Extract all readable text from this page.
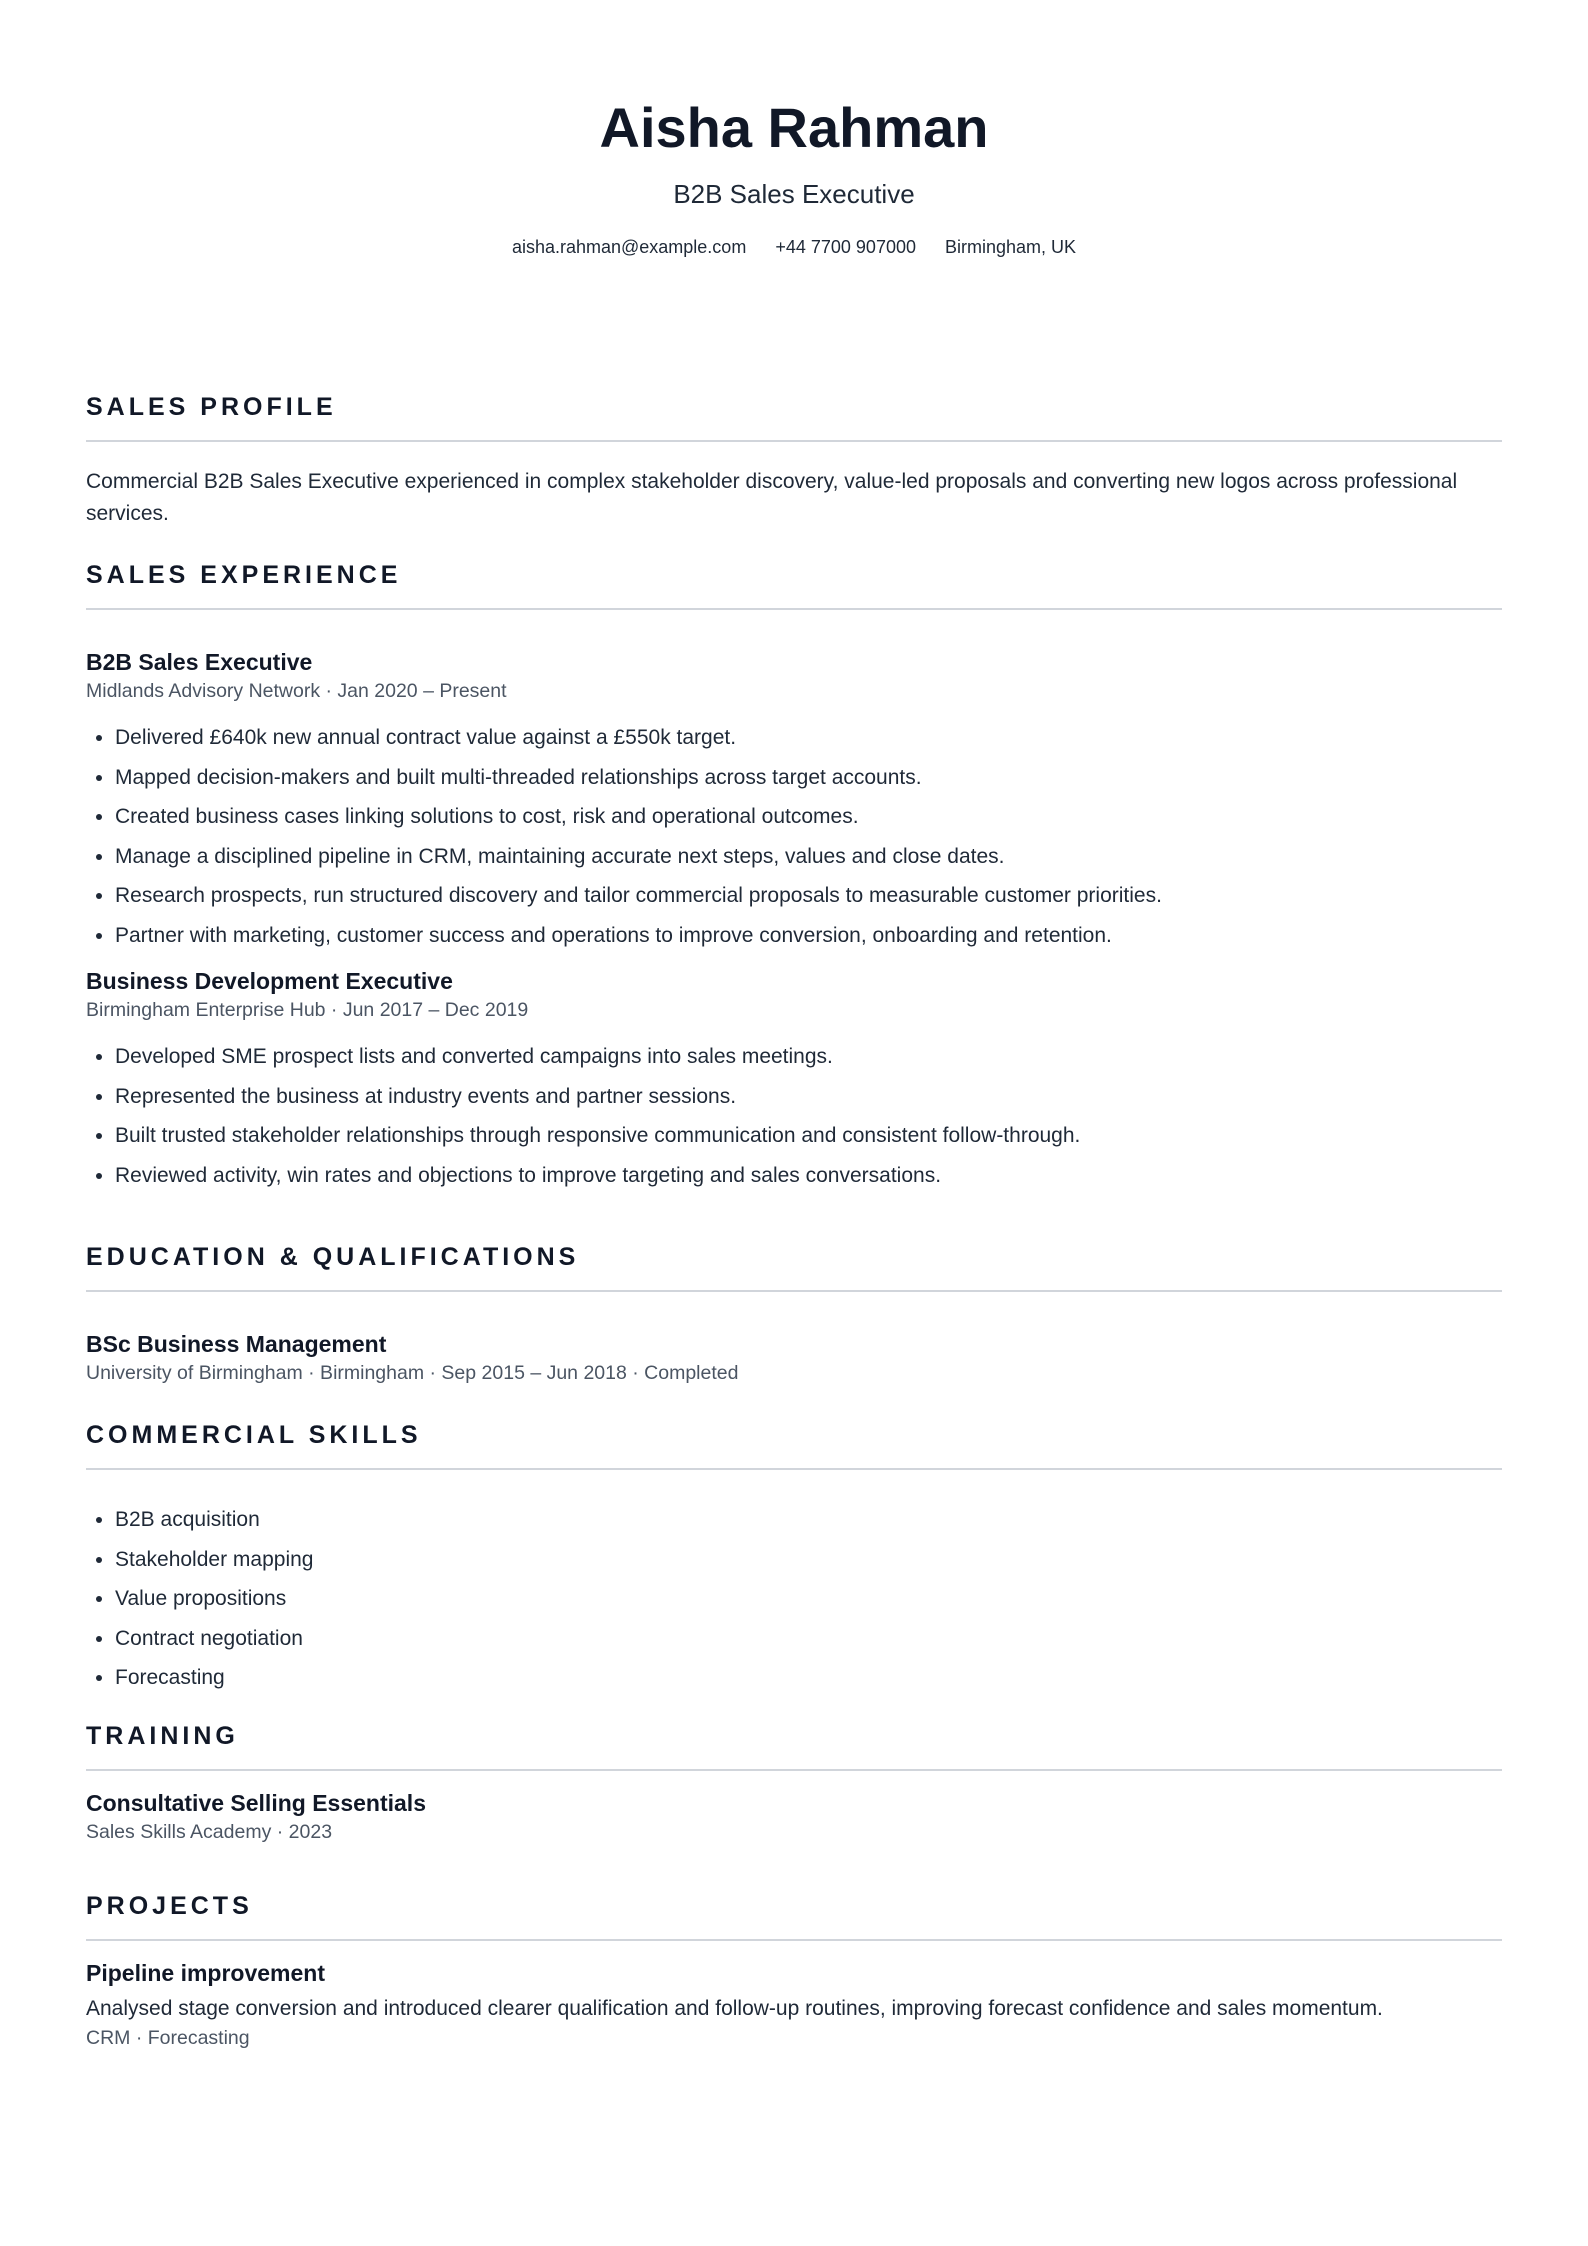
Aisha Rahman
B2B Sales Executive
aisha.rahman@example.com +44 7700 907000 Birmingham, UK
SALES PROFILE

Commercial B2B Sales Executive experienced in complex stakeholder discovery, value-led proposals and converting new logos across professional services.

SALES EXPERIENCE

B2B Sales Executive

Midlands Advisory Network · Jan 2020 – Present

• Delivered £640k new annual contract value against a £550k target.
• Mapped decision-makers and built multi-threaded relationships across target accounts.
• Created business cases linking solutions to cost, risk and operational outcomes.
• Manage a disciplined pipeline in CRM, maintaining accurate next steps, values and close dates.
• Research prospects, run structured discovery and tailor commercial proposals to measurable customer priorities.
• Partner with marketing, customer success and operations to improve conversion, onboarding and retention.

Business Development Executive

Birmingham Enterprise Hub · Jun 2017 – Dec 2019

• Developed SME prospect lists and converted campaigns into sales meetings.
• Represented the business at industry events and partner sessions.
• Built trusted stakeholder relationships through responsive communication and consistent follow-through.
• Reviewed activity, win rates and objections to improve targeting and sales conversations.
EDUCATION & QUALIFICATIONS

BSc Business Management

University of Birmingham · Birmingham · Sep 2015 – Jun 2018 · Completed

COMMERCIAL SKILLS
• B2B acquisition
• Stakeholder mapping
• Value propositions
• Contract negotiation
• Forecasting
TRAINING

Consultative Selling Essentials

Sales Skills Academy · 2023

PROJECTS

Pipeline improvement

Analysed stage conversion and introduced clearer qualification and follow-up routines, improving forecast confidence and sales momentum.

CRM · Forecasting
